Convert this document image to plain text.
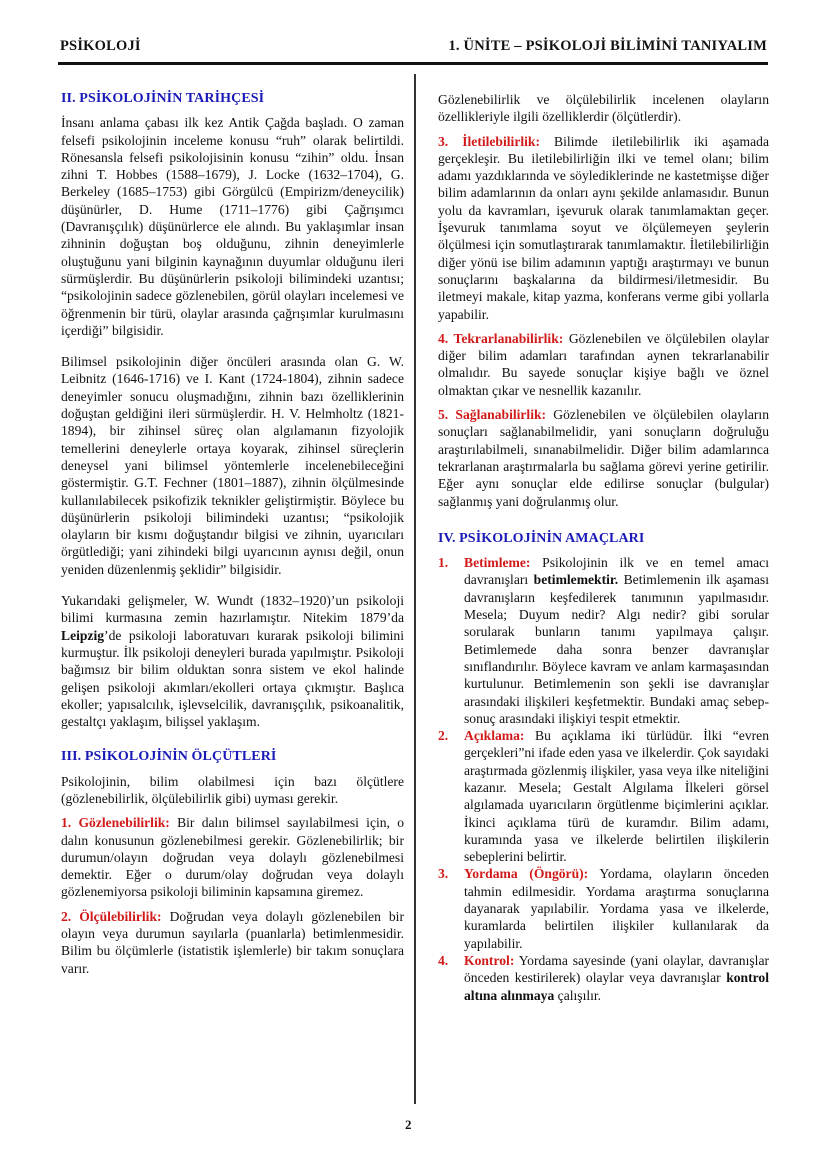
PSİKOLOJİ	1. ÜNİTE – PSİKOLOJİ BİLİMİNİ TANIYALIM
II. PSİKOLOJİNİN TARİHÇESİ

İnsanı anlama çabası ilk kez Antik Çağda başladı. O zaman felsefi psikolojinin inceleme konusu “ruh” olarak belirtildi. Rönesansla felsefi psikolojisinin konusu “zihin” oldu. İnsan zihni T. Hobbes (1588–1679), J. Locke (1632–1704), G. Berkeley (1685–1753) gibi Görgülcü (Empirizm/deneycilik) düşünürler, D. Hume (1711–1776) gibi Çağrışımcı (Davranışçılık) düşünürlerce ele alındı. Bu yaklaşımlar insan zihninin doğuştan boş olduğunu, zihnin deneyimlerle oluştuğunu yani bilginin kaynağının duyumlar olduğunu ileri sürmüşlerdir. Bu düşünürlerin psikoloji bilimindeki uzantısı; “psikolojinin sadece gözlenebilen, görül olayları incelemesi ve öğrenmenin bir türü, olaylar arasında çağrışımlar kurulmasını içerdiği” bilgisidir.

Bilimsel psikolojinin diğer öncüleri arasında olan G. W. Leibnitz (1646-1716) ve I. Kant (1724-1804), zihnin sadece deneyimler sonucu oluşmadığını, zihnin bazı özelliklerinin doğuştan geldiğini ileri sürmüşlerdir. H. V. Helmholtz (1821-1894), bir zihinsel süreç olan algılamanın fizyolojik temellerini deneylerle ortaya koyarak, zihinsel süreçlerin deneysel yani bilimsel yöntemlerle incelenebileceğini göstermiştir. G.T. Fechner (1801–1887), zihnin ölçülmesinde kullanılabilecek psikofizik teknikler geliştirmiştir. Böylece bu düşünürlerin psikoloji bilimindeki uzantısı; “psikolojik olayların bir kısmı doğuştandır bilgisi ve zihnin, uyarıcıları örgütlediği; yani zihindeki bilgi uyarıcının aynısı değil, onun yeniden düzenlenmiş şeklidir” bilgisidir.

Yukarıdaki gelişmeler, W. Wundt (1832–1920)’un psikoloji bilimi kurmasına zemin hazırlamıştır. Nitekim 1879’da Leipzig’de psikoloji laboratuvarı kurarak psikoloji bilimini kurmuştur. İlk psikoloji deneyleri burada yapılmıştır. Psikoloji bağımsız bir bilim olduktan sonra sistem ve ekol halinde gelişen psikoloji akımları/ekolleri ortaya çıkmıştır. Başlıca ekoller; yapısalcılık, işlevselcilik, davranışçılık, psikoanalitik, gestaltçı yaklaşım, bilişsel yaklaşım.

III. PSİKOLOJİNİN ÖLÇÜTLERİ

Psikolojinin, bilim olabilmesi için bazı ölçütlere (gözlenebilirlik, ölçülebilirlik gibi) uyması gerekir.

1. Gözlenebilirlik: Bir dalın bilimsel sayılabilmesi için, o dalın konusunun gözlenebilmesi gerekir. Gözlenebilirlik; bir durumun/olayın doğrudan veya dolaylı gözlenebilmesi demektir. Eğer o durum/olay doğrudan veya dolaylı gözlenemiyorsa psikoloji biliminin kapsamına giremez.

2. Ölçülebilirlik: Doğrudan veya dolaylı gözlenebilen bir olayın veya durumun sayılarla (puanlarla) betimlenmesidir. Bilim bu ölçümlerle (istatistik işlemlerle) bir takım sonuçlara varır.

Gözlenebilirlik ve ölçülebilirlik incelenen olayların özellikleriyle ilgili özelliklerdir (ölçütlerdir).

3. İletilebilirlik: Bilimde iletilebilirlik iki aşamada gerçekleşir. Bu iletilebilirliğin ilki ve temel olanı; bilim adamı yazdıklarında ve söylediklerinde ne kastetmişse diğer bilim adamlarının da onları aynı şekilde anlamasıdır. Bunun yolu da kavramları, işevuruk olarak tanımlamaktan geçer. İşevuruk tanımlama soyut ve ölçülemeyen şeylerin ölçülmesi için somutlaştırarak tanımlamaktır. İletilebilirliğin diğer yönü ise bilim adamının yaptığı araştırmayı ve bunun sonuçlarını başkalarına da bildirmesi/iletmesidir. Bu iletmeyi makale, kitap yazma, konferans verme gibi yollarla yapabilir.

4. Tekrarlanabilirlik: Gözlenebilen ve ölçülebilen olaylar diğer bilim adamları tarafından aynen tekrarlanabilir olmalıdır. Bu sayede sonuçlar kişiye bağlı ve öznel olmaktan çıkar ve nesnellik kazanılır.

5. Sağlanabilirlik: Gözlenebilen ve ölçülebilen olayların sonuçları sağlanabilmelidir, yani sonuçların doğruluğu araştırılabilmeli, sınanabilmelidir. Diğer bilim adamlarınca tekrarlanan araştırmalarla bu sağlama görevi yerine getirilir. Eğer aynı sonuçlar elde edilirse sonuçlar (bulgular) sağlanmış yani doğrulanmış olur.

IV. PSİKOLOJİNİN AMAÇLARI
1. Betimleme: Psikolojinin ilk ve en temel amacı davranışları betimlemektir. Betimlemenin ilk aşaması davranışların keşfedilerek tanımının yapılmasıdır. Mesela; Duyum nedir? Algı nedir? gibi sorular sorularak bunların tanımı yapılmaya çalışır. Betimlemede daha sonra benzer davranışlar sınıflandırılır. Böylece kavram ve anlam karmaşasından kurtulunur. Betimlemenin son şekli ise davranışlar arasındaki ilişkileri keşfetmektir. Bundaki amaç sebep-sonuç arasındaki ilişkiyi tespit etmektir.
2. Açıklama: Bu açıklama iki türlüdür. İlki “evren gerçekleri”ni ifade eden yasa ve ilkelerdir. Çok sayıdaki araştırmada gözlenmiş ilişkiler, yasa veya ilke niteliğini kazanır. Mesela; Gestalt Algılama İlkeleri görsel algılamada uyarıcıların örgütlenme biçimlerini açıklar. İkinci açıklama türü de kuramdır. Bilim adamı, kuramında yasa ve ilkelerde belirtilen ilişkilerin sebeplerini belirtir.
3. Yordama (Öngörü): Yordama, olayların önceden tahmin edilmesidir. Yordama araştırma sonuçlarına dayanarak yapılabilir. Yordama yasa ve ilkelerde, kuramlarda belirtilen ilişkiler kullanılarak da yapılabilir.
4. Kontrol: Yordama sayesinde (yani olaylar, davranışlar önceden kestirilerek) olaylar veya davranışlar kontrol altına alınmaya çalışılır.
2
